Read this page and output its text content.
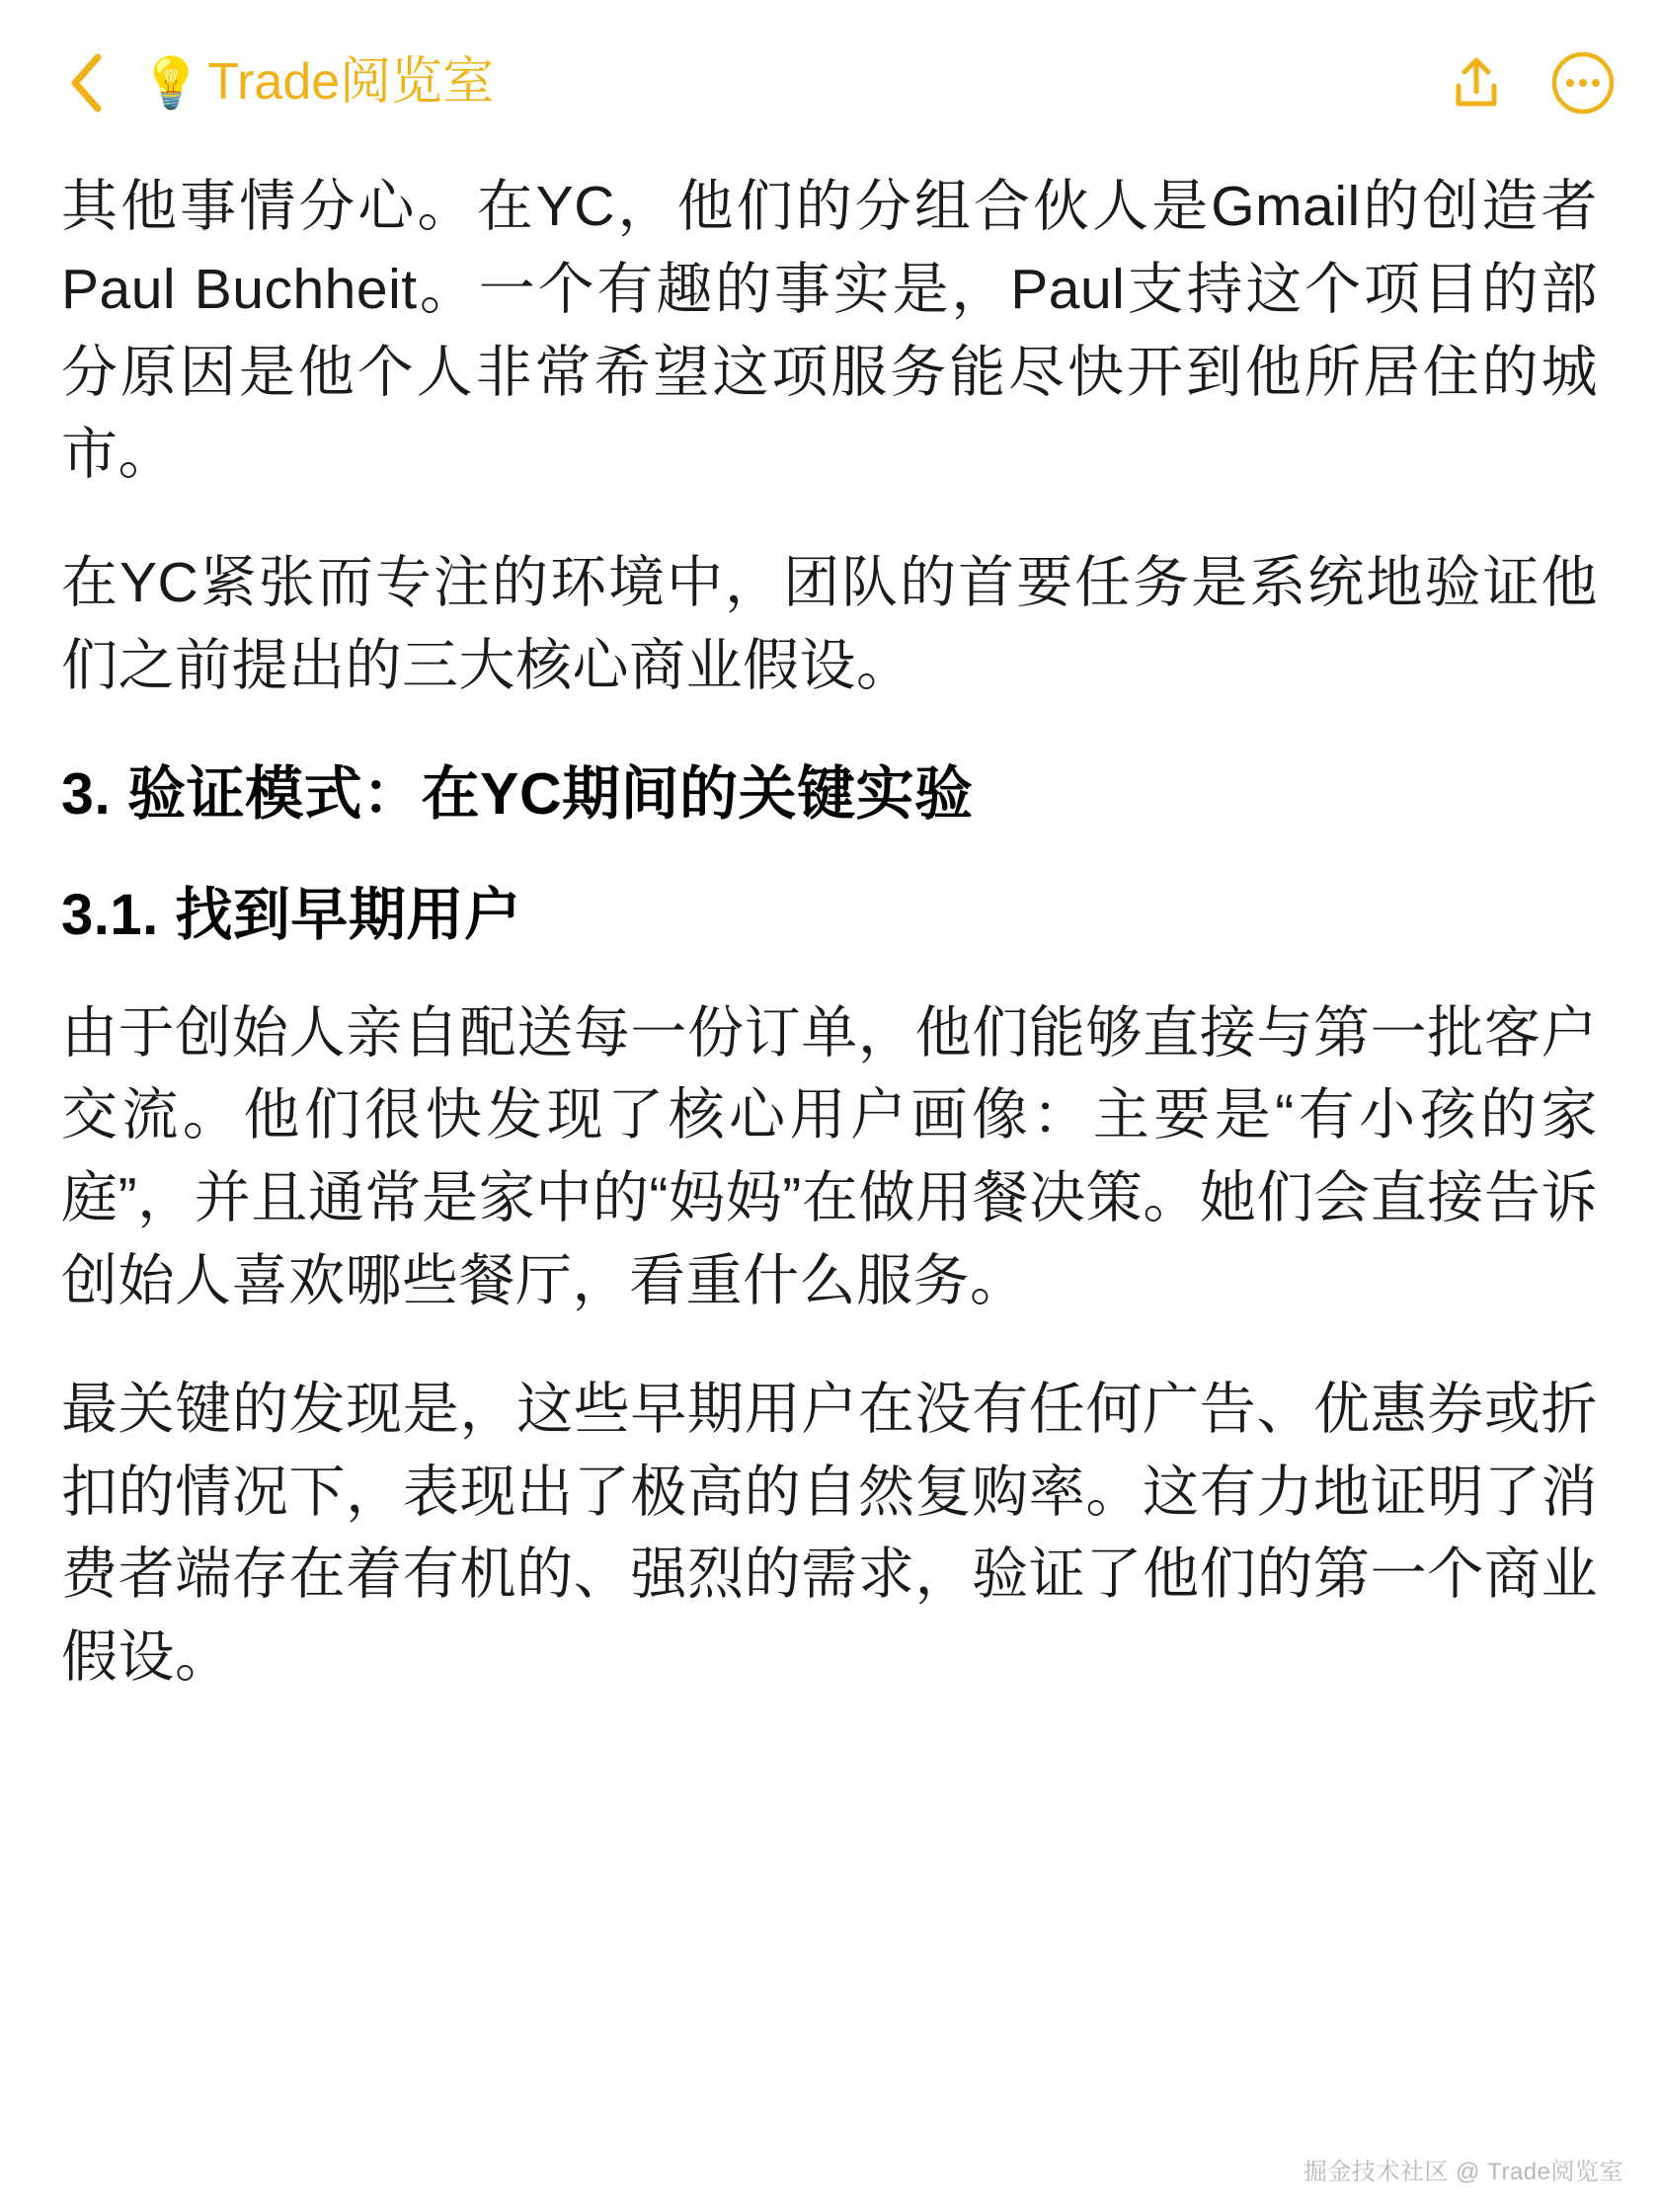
💡 Trade阅览室

其他事情分心。在YC，他们的分组合伙人是Gmail的创造者Paul Buchheit。一个有趣的事实是，Paul支持这个项目的部分原因是他个人非常希望这项服务能尽快开到他所居住的城市。

在YC紧张而专注的环境中，团队的首要任务是系统地验证他们之前提出的三大核心商业假设。

3. 验证模式：在YC期间的关键实验
3.1. 找到早期用户

由于创始人亲自配送每一份订单，他们能够直接与第一批客户交流。他们很快发现了核心用户画像：主要是“有小孩的家庭”，并且通常是家中的“妈妈”在做用餐决策。她们会直接告诉创始人喜欢哪些餐厅，看重什么服务。

最关键的发现是，这些早期用户在没有任何广告、优惠券或折扣的情况下，表现出了极高的自然复购率。这有力地证明了消费者端存在着有机的、强烈的需求，验证了他们的第一个商业假设。

掘金技术社区 @ Trade阅览室
